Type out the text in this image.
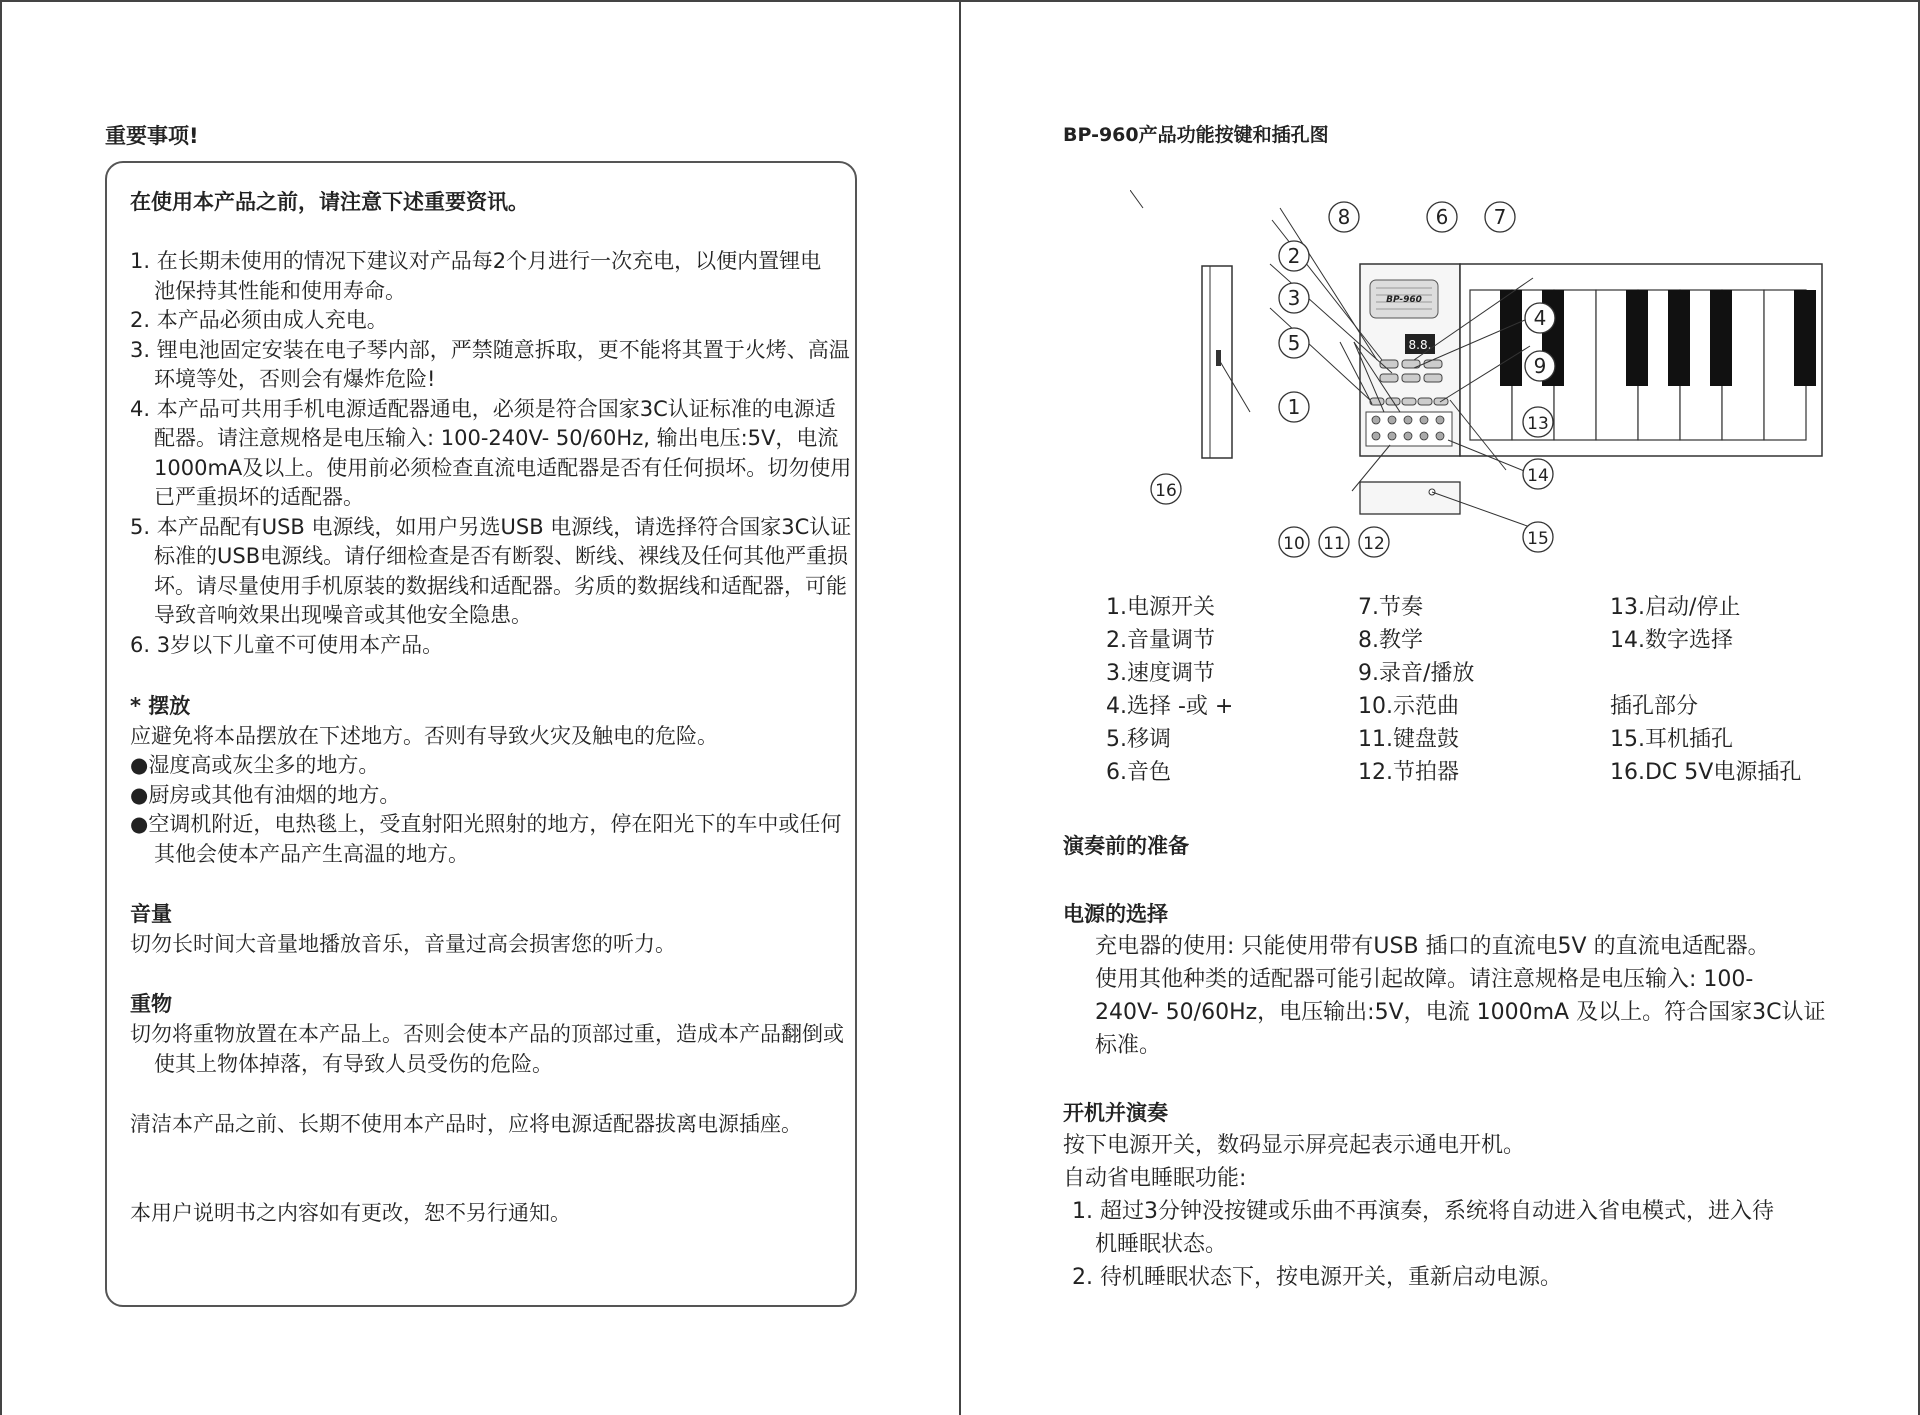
重要事项!
在使用本产品之前，请注意下述重要资讯。
1. 在长期未使用的情况下建议对产品每2个月进行一次充电，以便内置锂电
池保持其性能和使用寿命。
2. 本产品必须由成人充电。
3. 锂电池固定安装在电子琴内部，严禁随意拆取，更不能将其置于火烤、高温
环境等处，否则会有爆炸危险!
4. 本产品可共用手机电源适配器通电，必须是符合国家3C认证标准的电源适
配器。请注意规格是电压输入: 100-240V- 50/60Hz, 输出电压:5V，电流
1000mA及以上。使用前必须检查直流电适配器是否有任何损坏。切勿使用
已严重损坏的适配器。
5. 本产品配有USB 电源线，如用户另选USB 电源线，请选择符合国家3C认证
标准的USB电源线。请仔细检查是否有断裂、断线、裸线及任何其他严重损
坏。请尽量使用手机原装的数据线和适配器。劣质的数据线和适配器，可能
导致音响效果出现噪音或其他安全隐患。
6. 3岁以下儿童不可使用本产品。
* 摆放
应避免将本品摆放在下述地方。否则有导致火灾及触电的危险。
●湿度高或灰尘多的地方。
●厨房或其他有油烟的地方。
●空调机附近，电热毯上，受直射阳光照射的地方，停在阳光下的车中或任何
其他会使本产品产生高温的地方。
音量
切勿长时间大音量地播放音乐，音量过高会损害您的听力。
重物
切勿将重物放置在本产品上。否则会使本产品的顶部过重，造成本产品翻倒或
使其上物体掉落，有导致人员受伤的危险。
清洁本产品之前、长期不使用本产品时，应将电源适配器拔离电源插座。
本用户说明书之内容如有更改，恕不另行通知。
BP-960产品功能按键和插孔图
BP-960
8.8.
1
2
3
4
5
6 7
8
9
10 11 12
13
14
15
16
1.电源开关
2.音量调节
3.速度调节
4.选择 -或 +
5.移调
6.音色
7.节奏
8.教学
9.录音/播放
10.示范曲
11.键盘鼓
12.节拍器
13.启动/停止
14.数字选择
插孔部分
15.耳机插孔
16.DC 5V电源插孔
演奏前的准备
电源的选择
充电器的使用: 只能使用带有USB 插口的直流电5V 的直流电适配器。
使用其他种类的适配器可能引起故障。请注意规格是电压输入: 100-
240V- 50/60Hz，电压输出:5V，电流 1000mA 及以上。符合国家3C认证
标准。
开机并演奏
按下电源开关，数码显示屏亮起表示通电开机。
自动省电睡眠功能:
1. 超过3分钟没按键或乐曲不再演奏，系统将自动进入省电模式，进入待
机睡眠状态。
2. 待机睡眠状态下，按电源开关，重新启动电源。
